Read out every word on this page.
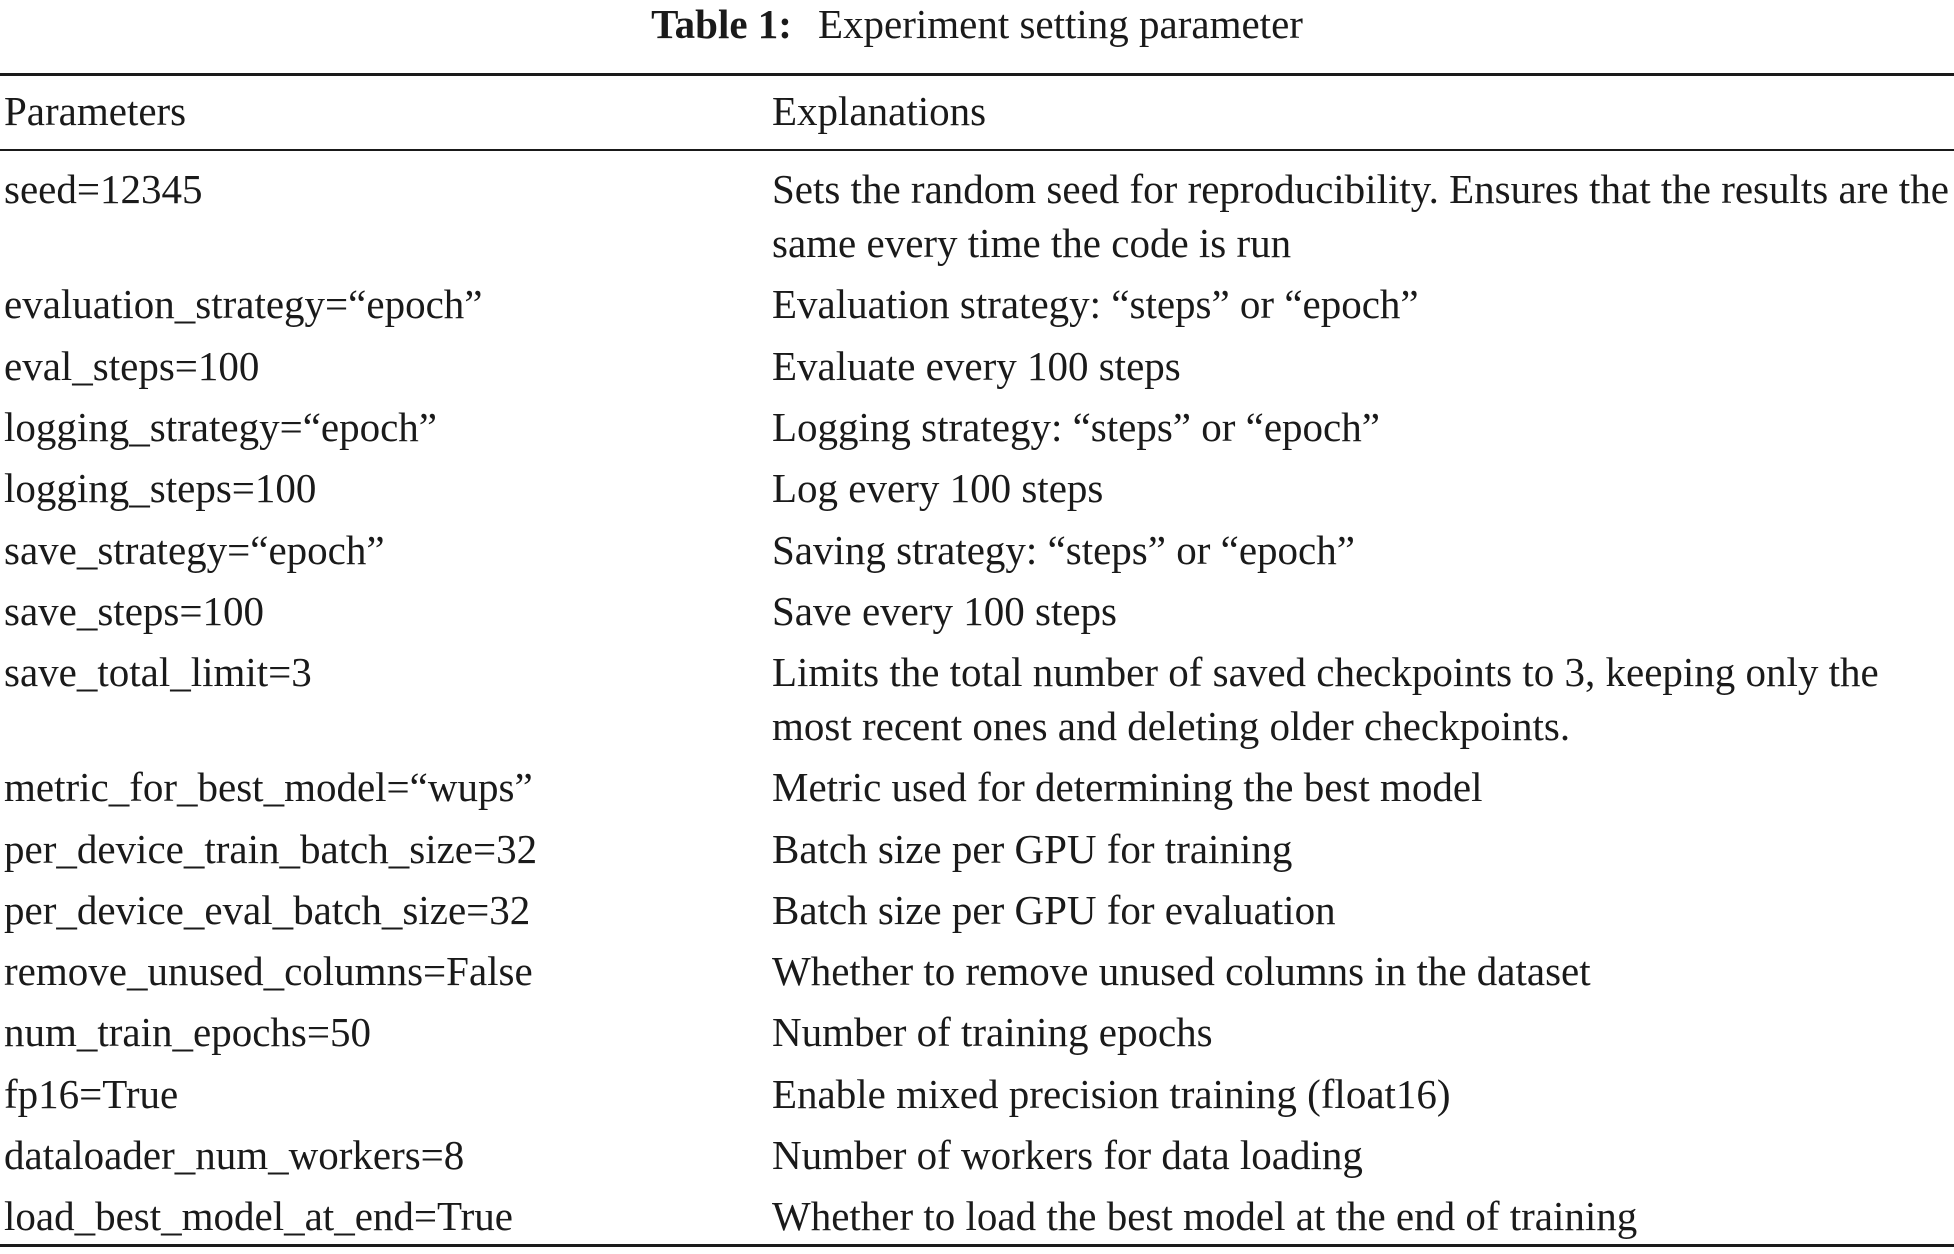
Table 1: Experiment setting parameter
Parameters	Explanations
seed=12345	Sets the random seed for reproducibility. Ensures that the results are the same every time the code is run
evaluation_strategy=“epoch”	Evaluation strategy: “steps” or “epoch”
eval_steps=100	Evaluate every 100 steps
logging_strategy=“epoch”	Logging strategy: “steps” or “epoch”
logging_steps=100	Log every 100 steps
save_strategy=“epoch”	Saving strategy: “steps” or “epoch”
save_steps=100	Save every 100 steps
save_total_limit=3	Limits the total number of saved checkpoints to 3, keeping only the most recent ones and deleting older checkpoints.
metric_for_best_model=“wups”	Metric used for determining the best model
per_device_train_batch_size=32	Batch size per GPU for training
per_device_eval_batch_size=32	Batch size per GPU for evaluation
remove_unused_columns=False	Whether to remove unused columns in the dataset
num_train_epochs=50	Number of training epochs
fp16=True	Enable mixed precision training (float16)
dataloader_num_workers=8	Number of workers for data loading
load_best_model_at_end=True	Whether to load the best model at the end of training
